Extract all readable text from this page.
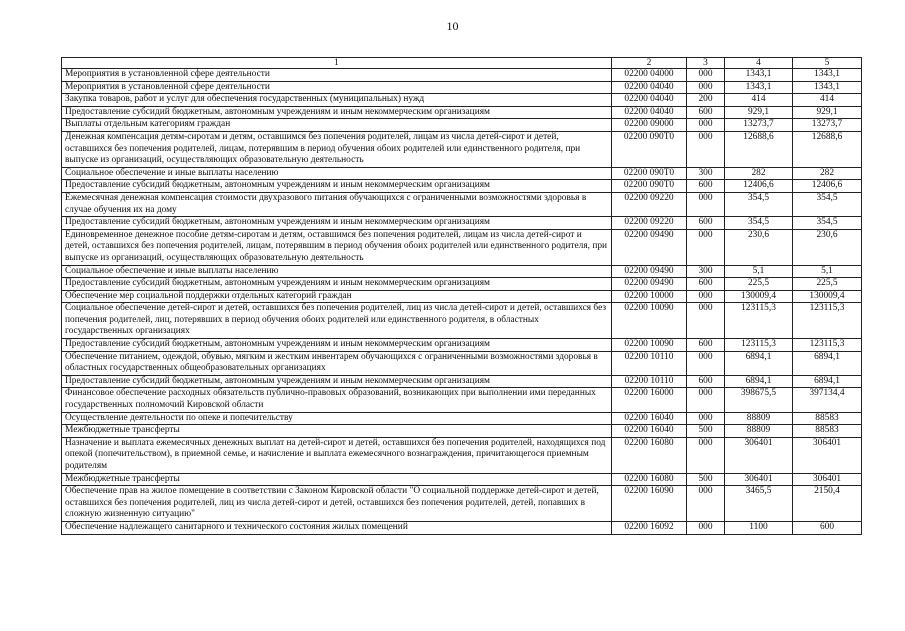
10
1	2	3	4	5
Мероприятия в установленной сфере деятельности	02200 04000	000	1343,1	1343,1
Мероприятия в установленной сфере деятельности	02200 04040	000	1343,1	1343,1
Закупка товаров, работ и услуг для обеспечения государственных (муниципальных) нужд	02200 04040	200	414	414
Предоставление субсидий бюджетным, автономным учреждениям и иным некоммерческим организациям	02200 04040	600	929,1	929,1
Выплаты отдельным категориям граждан	02200 09000	000	13273,7	13273,7
Денежная компенсация детям-сиротам и детям, оставшимся без попечения родителей, лицам из числа детей-сирот и детей, оставшихся без попечения родителей, лицам, потерявшим в период обучения обоих родителей или единственного родителя, при выпуске из организаций, осуществляющих образовательную деятельность	02200 090Т0	000	12688,6	12688,6
Социальное обеспечение и иные выплаты населению	02200 090Т0	300	282	282
Предоставление субсидий бюджетным, автономным учреждениям и иным некоммерческим организациям	02200 090Т0	600	12406,6	12406,6
Ежемесячная денежная компенсация стоимости двухразового питания обучающихся с ограниченными возможностями здоровья в случае обучения их на дому	02200 09220	000	354,5	354,5
Предоставление субсидий бюджетным, автономным учреждениям и иным некоммерческим организациям	02200 09220	600	354,5	354,5
Единовременное денежное пособие детям-сиротам и детям, оставшимся без попечения родителей, лицам из числа детей-сирот и детей, оставшихся без попечения родителей, лицам, потерявшим в период обучения обоих родителей или единственного родителя, при выпуске из организаций, осуществляющих образовательную деятельность	02200 09490	000	230,6	230,6
Социальное обеспечение и иные выплаты населению	02200 09490	300	5,1	5,1
Предоставление субсидий бюджетным, автономным учреждениям и иным некоммерческим организациям	02200 09490	600	225,5	225,5
Обеспечение мер социальной поддержки отдельных категорий граждан	02200 10000	000	130009,4	130009,4
Социальное обеспечение детей-сирот и детей, оставшихся без попечения родителей, лиц из числа детей-сирот и детей, оставшихся без попечения родителей, лиц, потерявших в период обучения обоих родителей или единственного родителя, в областных государственных организациях	02200 10090	000	123115,3	123115,3
Предоставление субсидий бюджетным, автономным учреждениям и иным некоммерческим организациям	02200 10090	600	123115,3	123115,3
Обеспечение питанием, одеждой, обувью, мягким и жестким инвентарем обучающихся с ограниченными возможностями здоровья в областных государственных общеобразовательных организациях	02200 10110	000	6894,1	6894,1
Предоставление субсидий бюджетным, автономным учреждениям и иным некоммерческим организациям	02200 10110	600	6894,1	6894,1
Финансовое обеспечение расходных обязательств публично-правовых образований, возникающих при выполнении ими переданных государственных полномочий Кировской области	02200 16000	000	398675,5	397134,4
Осуществление деятельности по опеке и попечительству	02200 16040	000	88809	88583
Межбюджетные трансферты	02200 16040	500	88809	88583
Назначение и выплата ежемесячных денежных выплат на детей-сирот и детей, оставшихся без попечения родителей, находящихся под опекой (попечительством), в приемной семье, и начисление и выплата ежемесячного вознаграждения, причитающегося приемным родителям	02200 16080	000	306401	306401
Межбюджетные трансферты	02200 16080	500	306401	306401
Обеспечение прав на жилое помещение в соответствии с Законом Кировской области "О социальной поддержке детей-сирот и детей, оставшихся без попечения родителей, лиц из числа детей-сирот и детей, оставшихся без попечения родителей, детей, попавших в сложную жизненную ситуацию"	02200 16090	000	3465,5	2150,4
Обеспечение надлежащего санитарного и технического состояния жилых помещений	02200 16092	000	1100	600
